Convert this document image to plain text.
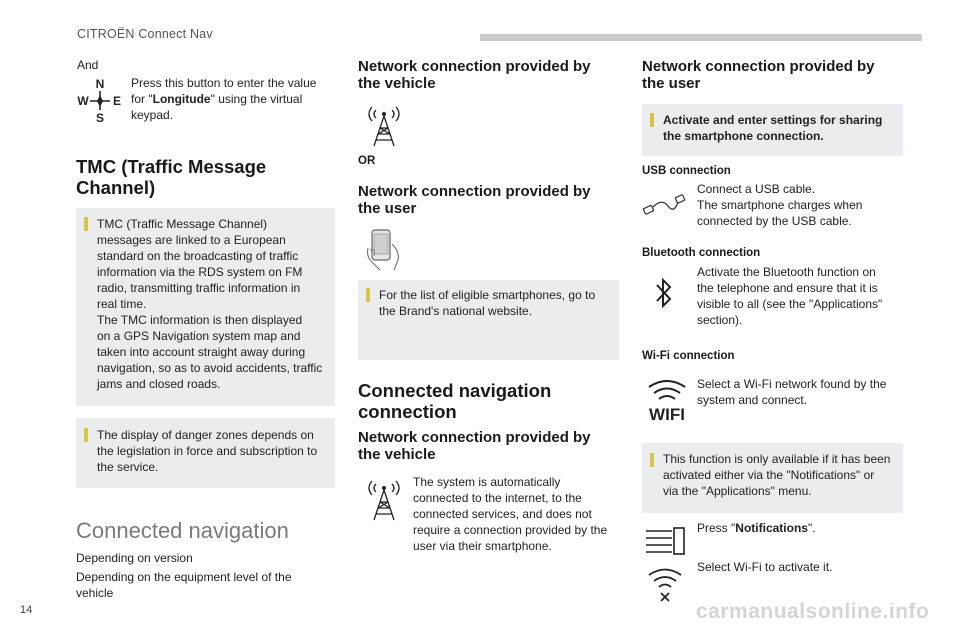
CITROËN Connect Nav
14	carmanualsonline.info
And
N
W E
S
Press this button to enter the value for "Longitude" using the virtual keypad.
TMC (Traffic Message
Channel)
TMC (Traffic Message Channel)
messages are linked to a European
standard on the broadcasting of traffic
information via the RDS system on FM
radio, transmitting traffic information in
real time.
The TMC information is then displayed
on a GPS Navigation system map and
taken into account straight away during
navigation, so as to avoid accidents, traffic
jams and closed roads.
The display of danger zones depends on
the legislation in force and subscription to
the service.
Connected navigation
Depending on version
Depending on the equipment level of the
vehicle
Network connection provided by
the vehicle
OR
Network connection provided by
the user
For the list of eligible smartphones, go to
the Brand's national website.
Connected navigation
connection
Network connection provided by
the vehicle
The system is automatically
connected to the internet, to the
connected services, and does not
require a connection provided by the
user via their smartphone.
Network connection provided by
the user
Activate and enter settings for sharing
the smartphone connection.
USB connection
Connect a USB cable.
The smartphone charges when
connected by the USB cable.
Bluetooth connection
Activate the Bluetooth function on
the telephone and ensure that it is
visible to all (see the "Applications"
section).
Wi-Fi connection
WIFI
Select a Wi-Fi network found by the
system and connect.
This function is only available if it has been
activated either via the "Notifications" or
via the "Applications" menu.
Press "Notifications".
Select Wi-Fi to activate it.
